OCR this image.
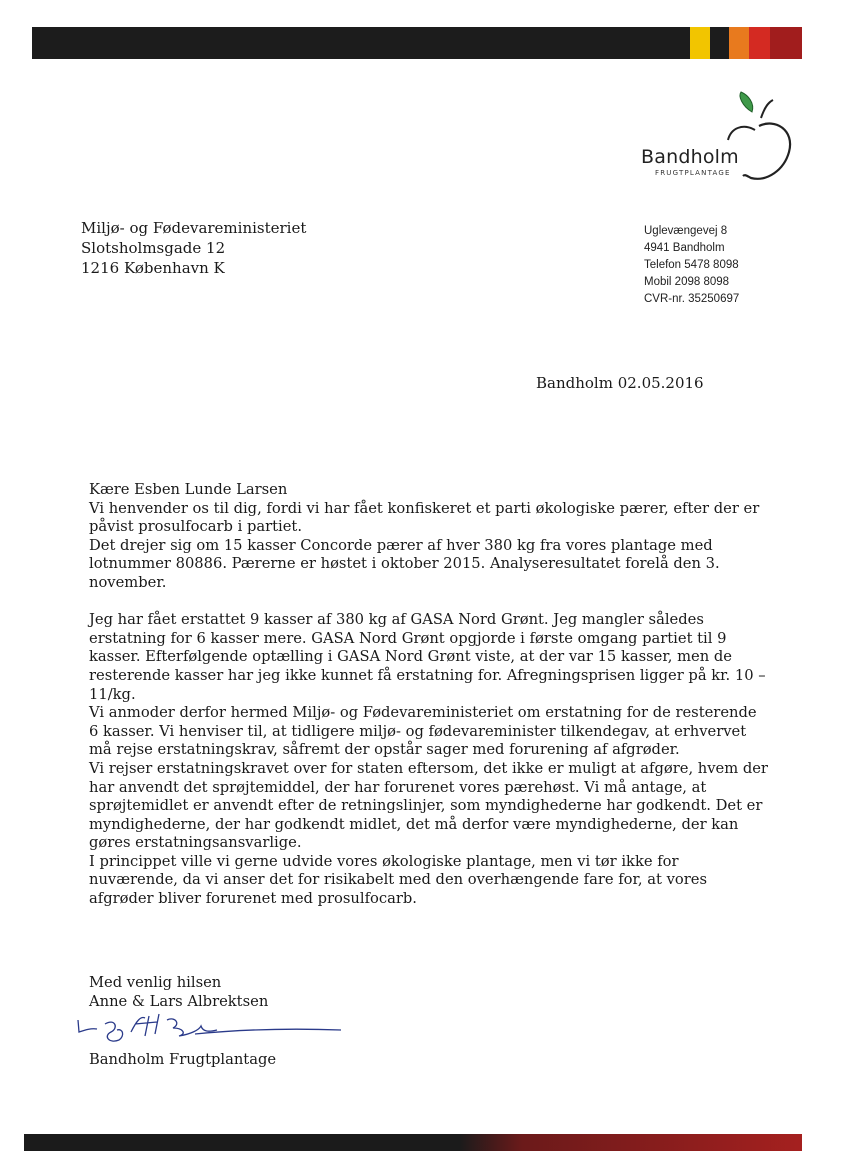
Bandholm
FRUGTPLANTAGE
Miljø- og Fødevareministeriet
Slotsholmsgade 12
1216 København K
Uglevængevej 8
4941 Bandholm
Telefon 5478 8098
Mobil 2098 8098
CVR-nr. 35250697
Bandholm 02.05.2016

Kære Esben Lunde Larsen

Vi henvender os til dig, fordi vi har fået konfiskeret et parti økologiske pærer, efter der er påvist prosulfocarb i partiet.

Det drejer sig om 15 kasser Concorde pærer af hver 380 kg fra vores plantage med lotnummer 80886. Pærerne er høstet i oktober 2015. Analyseresultatet forelå den 3. november.

Jeg har fået erstattet 9 kasser af 380 kg af GASA Nord Grønt. Jeg mangler således erstatning for 6 kasser mere. GASA Nord Grønt opgjorde i første omgang partiet til 9 kasser. Efterfølgende optælling i GASA Nord Grønt viste, at der var 15 kasser, men de resterende kasser har jeg ikke kunnet få erstatning for. Afregningsprisen ligger på kr. 10 – 11/kg.

Vi anmoder derfor hermed Miljø- og Fødevareministeriet om erstatning for de resterende 6 kasser. Vi henviser til, at tidligere miljø- og fødevareminister tilkendegav, at erhvervet må rejse erstatningskrav, såfremt der opstår sager med forurening af afgrøder.

Vi rejser erstatningskravet over for staten eftersom, det ikke er muligt at afgøre, hvem der har anvendt det sprøjtemiddel, der har forurenet vores pærehøst. Vi må antage, at sprøjtemidlet er anvendt efter de retningslinjer, som myndighederne har godkendt. Det er myndighederne, der har godkendt midlet, det må derfor være myndighederne, der kan gøres erstatningsansvarlige.

I princippet ville vi gerne udvide vores økologiske plantage, men vi tør ikke for nuværende, da vi anser det for risikabelt med den overhængende fare for, at vores afgrøder bliver forurenet med prosulfocarb.

Med venlig hilsen
Anne & Lars Albrektsen
Bandholm Frugtplantage
